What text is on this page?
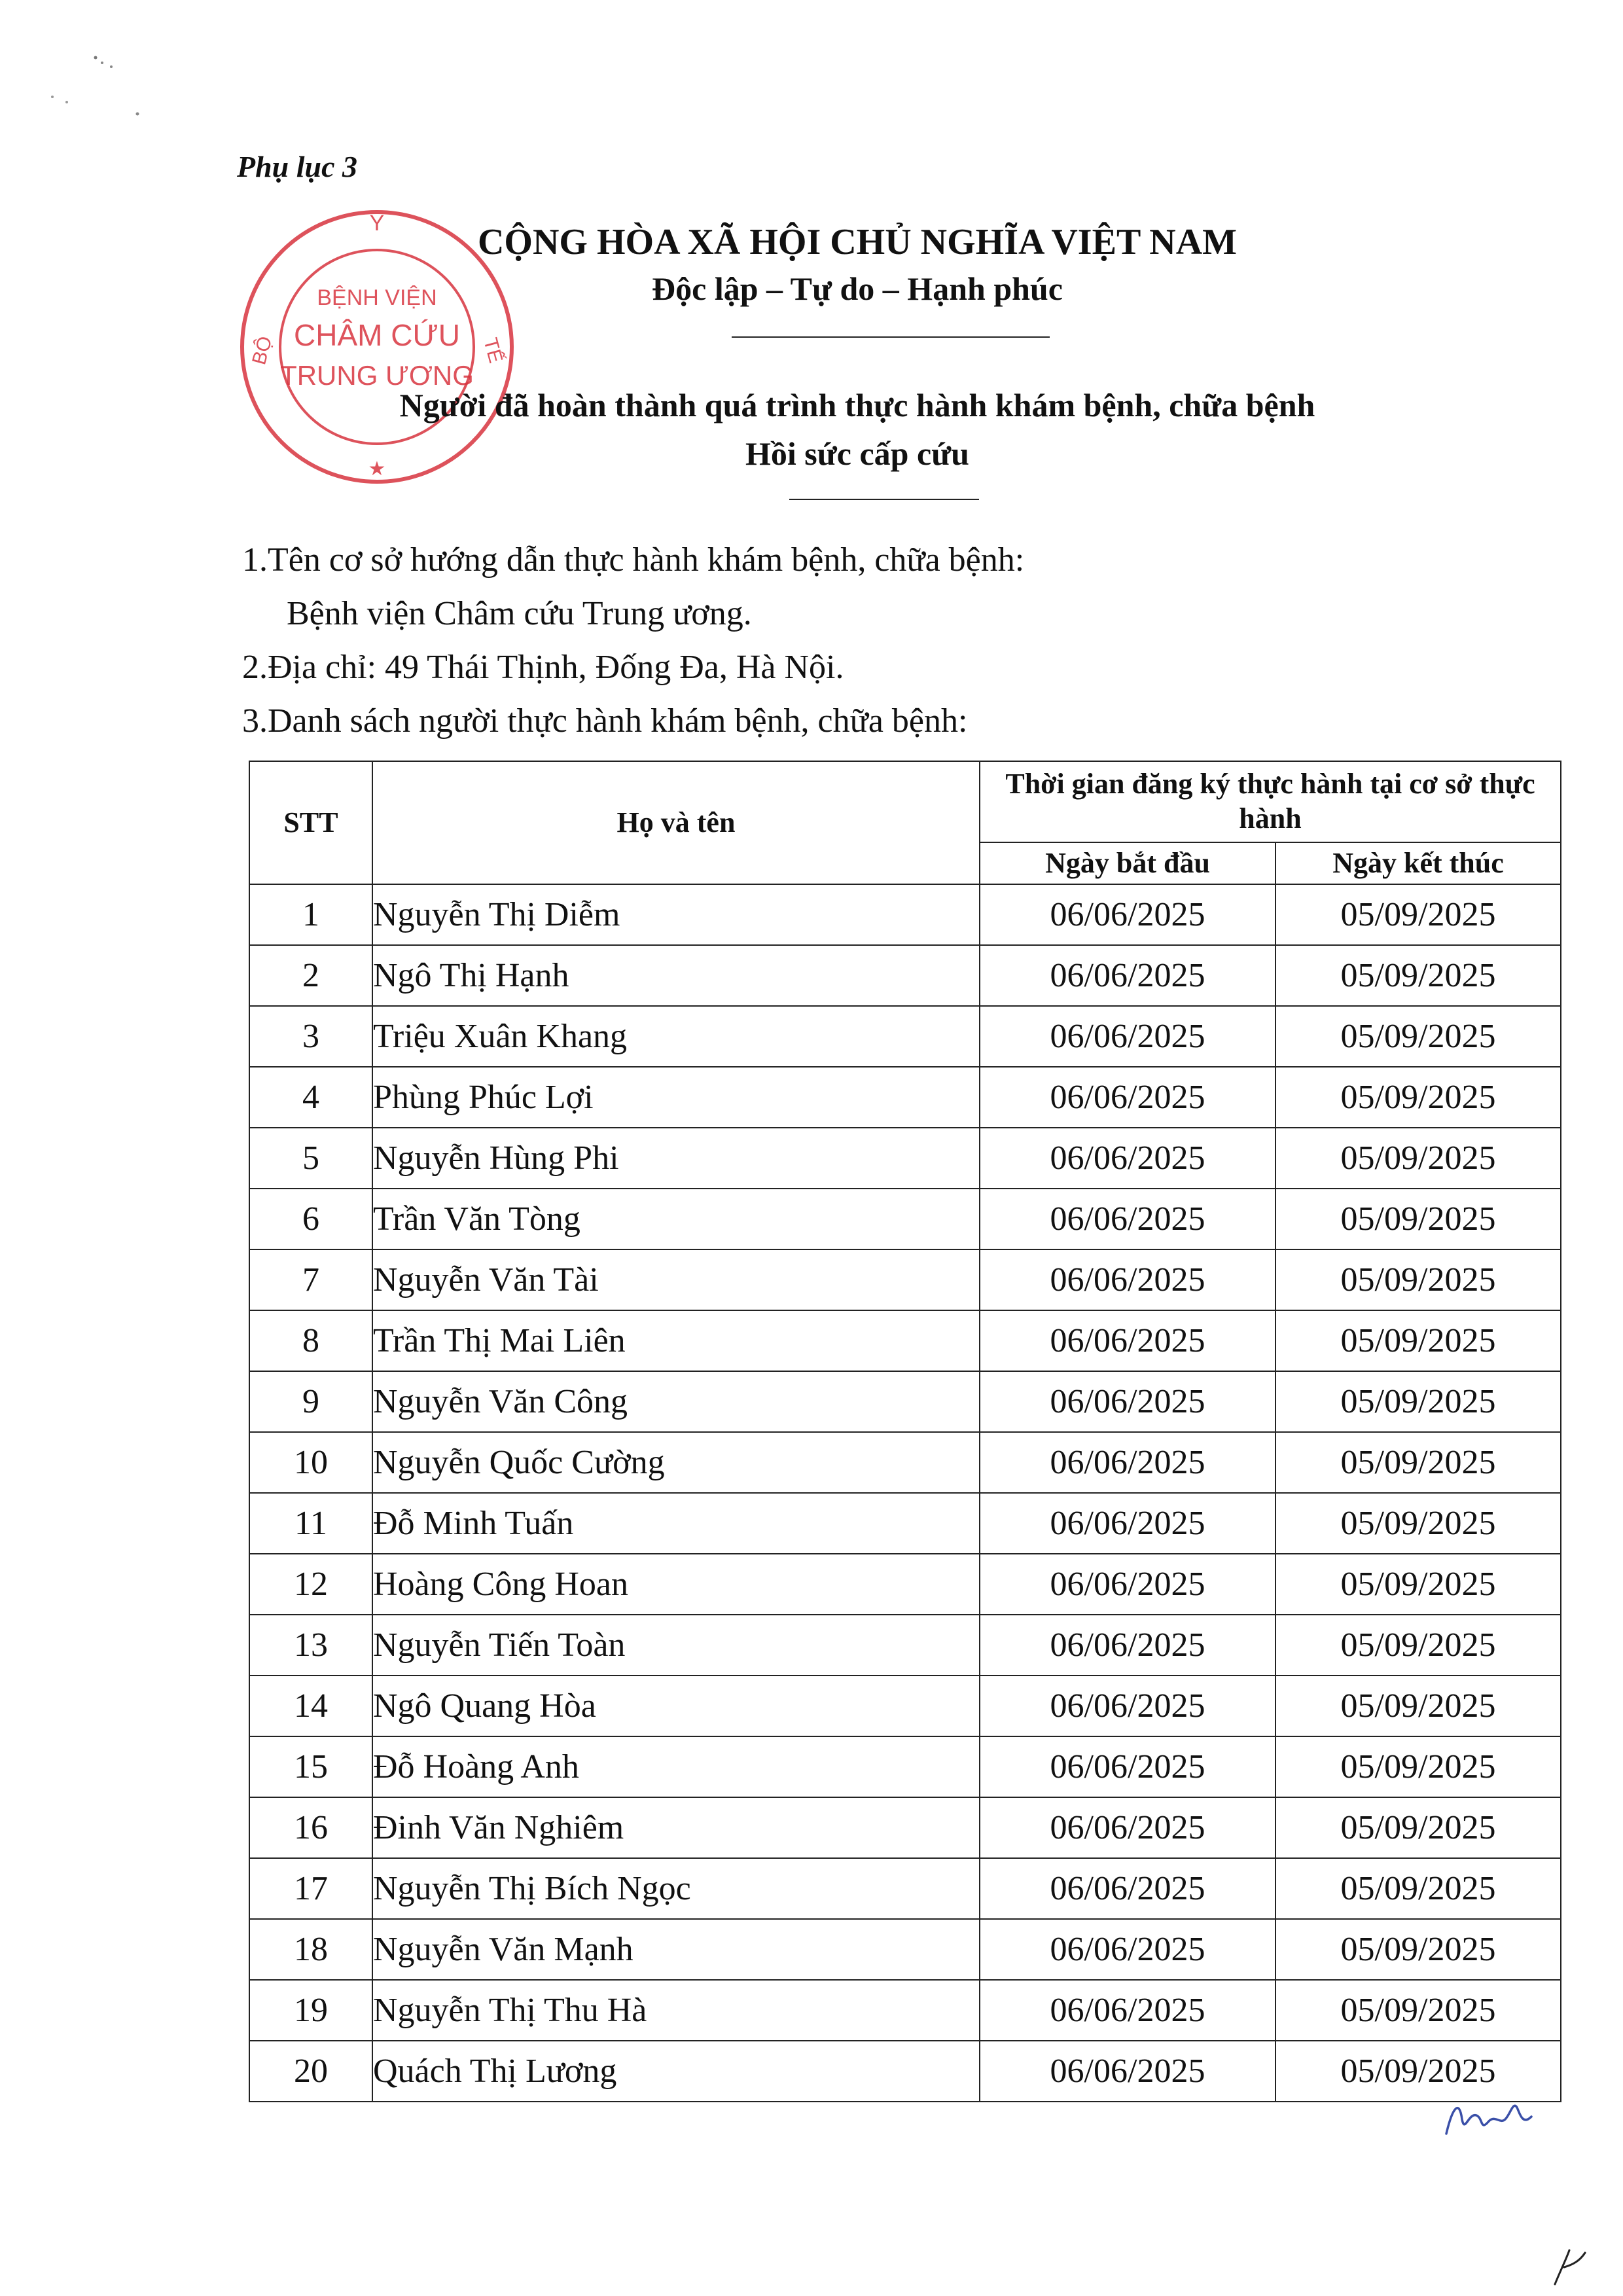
Phụ lục 3
Y
BỘ	TẾ
BỆNH VIỆN
CHÂM CỨU
TRUNG ƯƠNG
★
CỘNG HÒA XÃ HỘI CHỦ NGHĨA VIỆT NAM
Độc lập – Tự do – Hạnh phúc
Người đã hoàn thành quá trình thực hành khám bệnh, chữa bệnh
Hồi sức cấp cứu
1.Tên cơ sở hướng dẫn thực hành khám bệnh, chữa bệnh:
Bệnh viện Châm cứu Trung ương.
2.Địa chỉ: 49 Thái Thịnh, Đống Đa, Hà Nội.
3.Danh sách người thực hành khám bệnh, chữa bệnh:
STT	Họ và tên	Thời gian đăng ký thực hành tại cơ sở thực hành	
		Ngày bắt đầu	Ngày kết thúc
1	Nguyễn Thị Diễm	06/06/2025	05/09/2025
2	Ngô Thị Hạnh	06/06/2025	05/09/2025
3	Triệu Xuân Khang	06/06/2025	05/09/2025
4	Phùng Phúc Lợi	06/06/2025	05/09/2025
5	Nguyễn Hùng Phi	06/06/2025	05/09/2025
6	Trần Văn Tòng	06/06/2025	05/09/2025
7	Nguyễn Văn Tài	06/06/2025	05/09/2025
8	Trần Thị Mai Liên	06/06/2025	05/09/2025
9	Nguyễn Văn Công	06/06/2025	05/09/2025
10	Nguyễn Quốc Cường	06/06/2025	05/09/2025
11	Đỗ Minh Tuấn	06/06/2025	05/09/2025
12	Hoàng Công Hoan	06/06/2025	05/09/2025
13	Nguyễn Tiến Toàn	06/06/2025	05/09/2025
14	Ngô Quang Hòa	06/06/2025	05/09/2025
15	Đỗ Hoàng Anh	06/06/2025	05/09/2025
16	Đinh Văn Nghiêm	06/06/2025	05/09/2025
17	Nguyễn Thị Bích Ngọc	06/06/2025	05/09/2025
18	Nguyễn Văn Mạnh	06/06/2025	05/09/2025
19	Nguyễn Thị Thu Hà	06/06/2025	05/09/2025
20	Quách Thị Lương	06/06/2025	05/09/2025
